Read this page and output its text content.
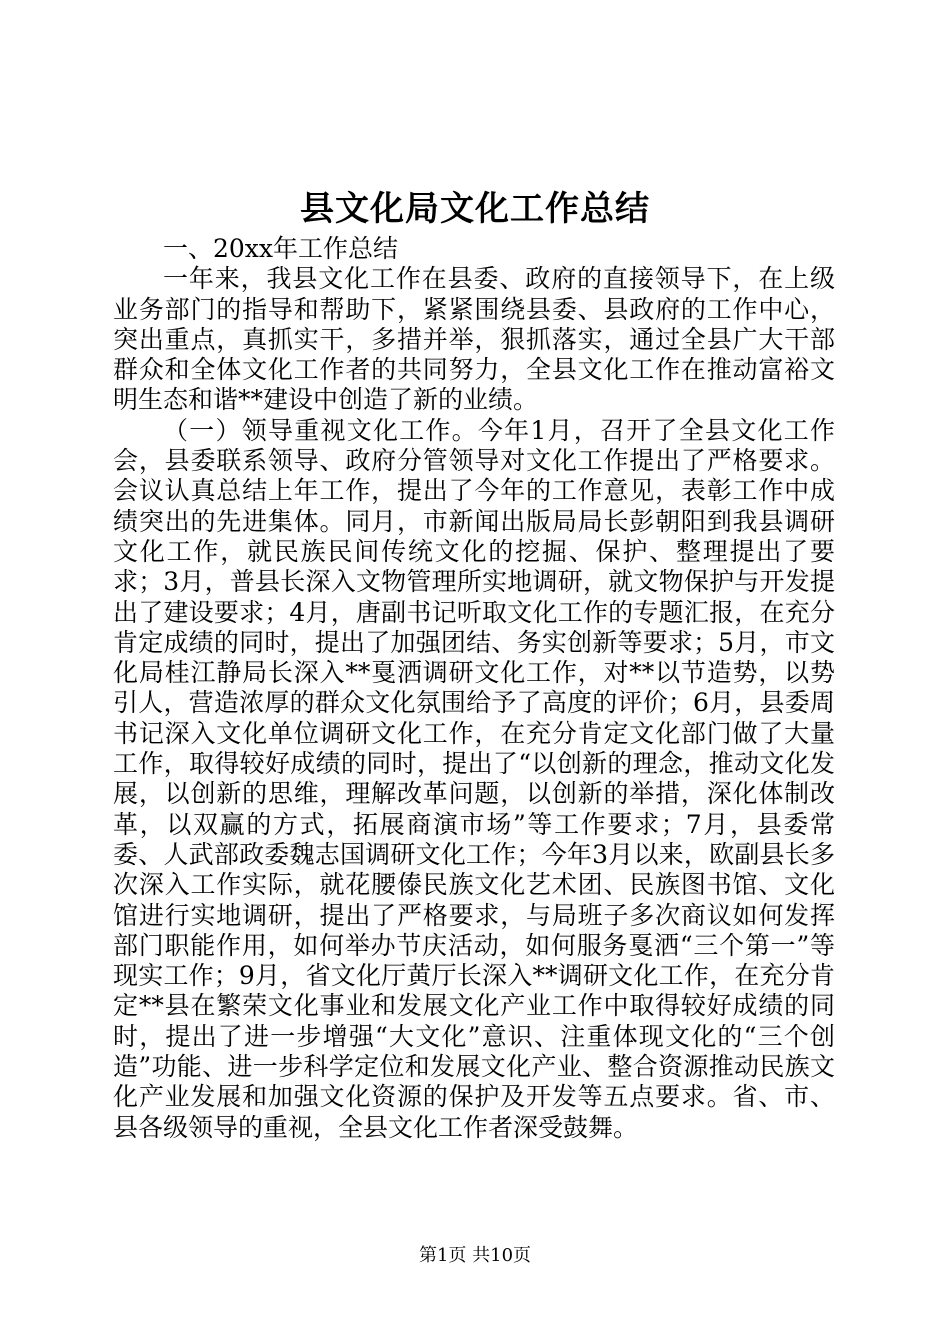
县文化局文化工作总结

一、20xx年工作总结

一年来，我县文化工作在县委、政府的直接领导下，在上级业务部门的指导和帮助下，紧紧围绕县委、县政府的工作中心，突出重点，真抓实干，多措并举，狠抓落实，通过全县广大干部群众和全体文化工作者的共同努力，全县文化工作在推动富裕文明生态和谐**建设中创造了新的业绩。

（一）领导重视文化工作。今年1月，召开了全县文化工作会，县委联系领导、政府分管领导对文化工作提出了严格要求。会议认真总结上年工作，提出了今年的工作意见，表彰工作中成绩突出的先进集体。同月，市新闻出版局局长彭朝阳到我县调研文化工作，就民族民间传统文化的挖掘、保护、整理提出了要求；3月，普县长深入文物管理所实地调研，就文物保护与开发提出了建设要求；4月，唐副书记听取文化工作的专题汇报，在充分肯定成绩的同时，提出了加强团结、务实创新等要求；5月，市文化局桂江静局长深入**戛洒调研文化工作，对**以节造势，以势引人，营造浓厚的群众文化氛围给予了高度的评价；6月，县委周书记深入文化单位调研文化工作，在充分肯定文化部门做了大量工作，取得较好成绩的同时，提出了“以创新的理念，推动文化发展，以创新的思维，理解改革问题，以创新的举措，深化体制改革，以双赢的方式，拓展商演市场”等工作要求；7月，县委常委、人武部政委魏志国调研文化工作；今年3月以来，欧副县长多次深入工作实际，就花腰傣民族文化艺术团、民族图书馆、文化馆进行实地调研，提出了严格要求，与局班子多次商议如何发挥部门职能作用，如何举办节庆活动，如何服务戛洒“三个第一”等现实工作；9月，省文化厅黄厅长深入**调研文化工作，在充分肯定**县在繁荣文化事业和发展文化产业工作中取得较好成绩的同时，提出了进一步增强“大文化”意识、注重体现文化的“三个创造”功能、进一步科学定位和发展文化产业、整合资源推动民族文化产业发展和加强文化资源的保护及开发等五点要求。省、市、县各级领导的重视，全县文化工作者深受鼓舞。

第1页 共10页
